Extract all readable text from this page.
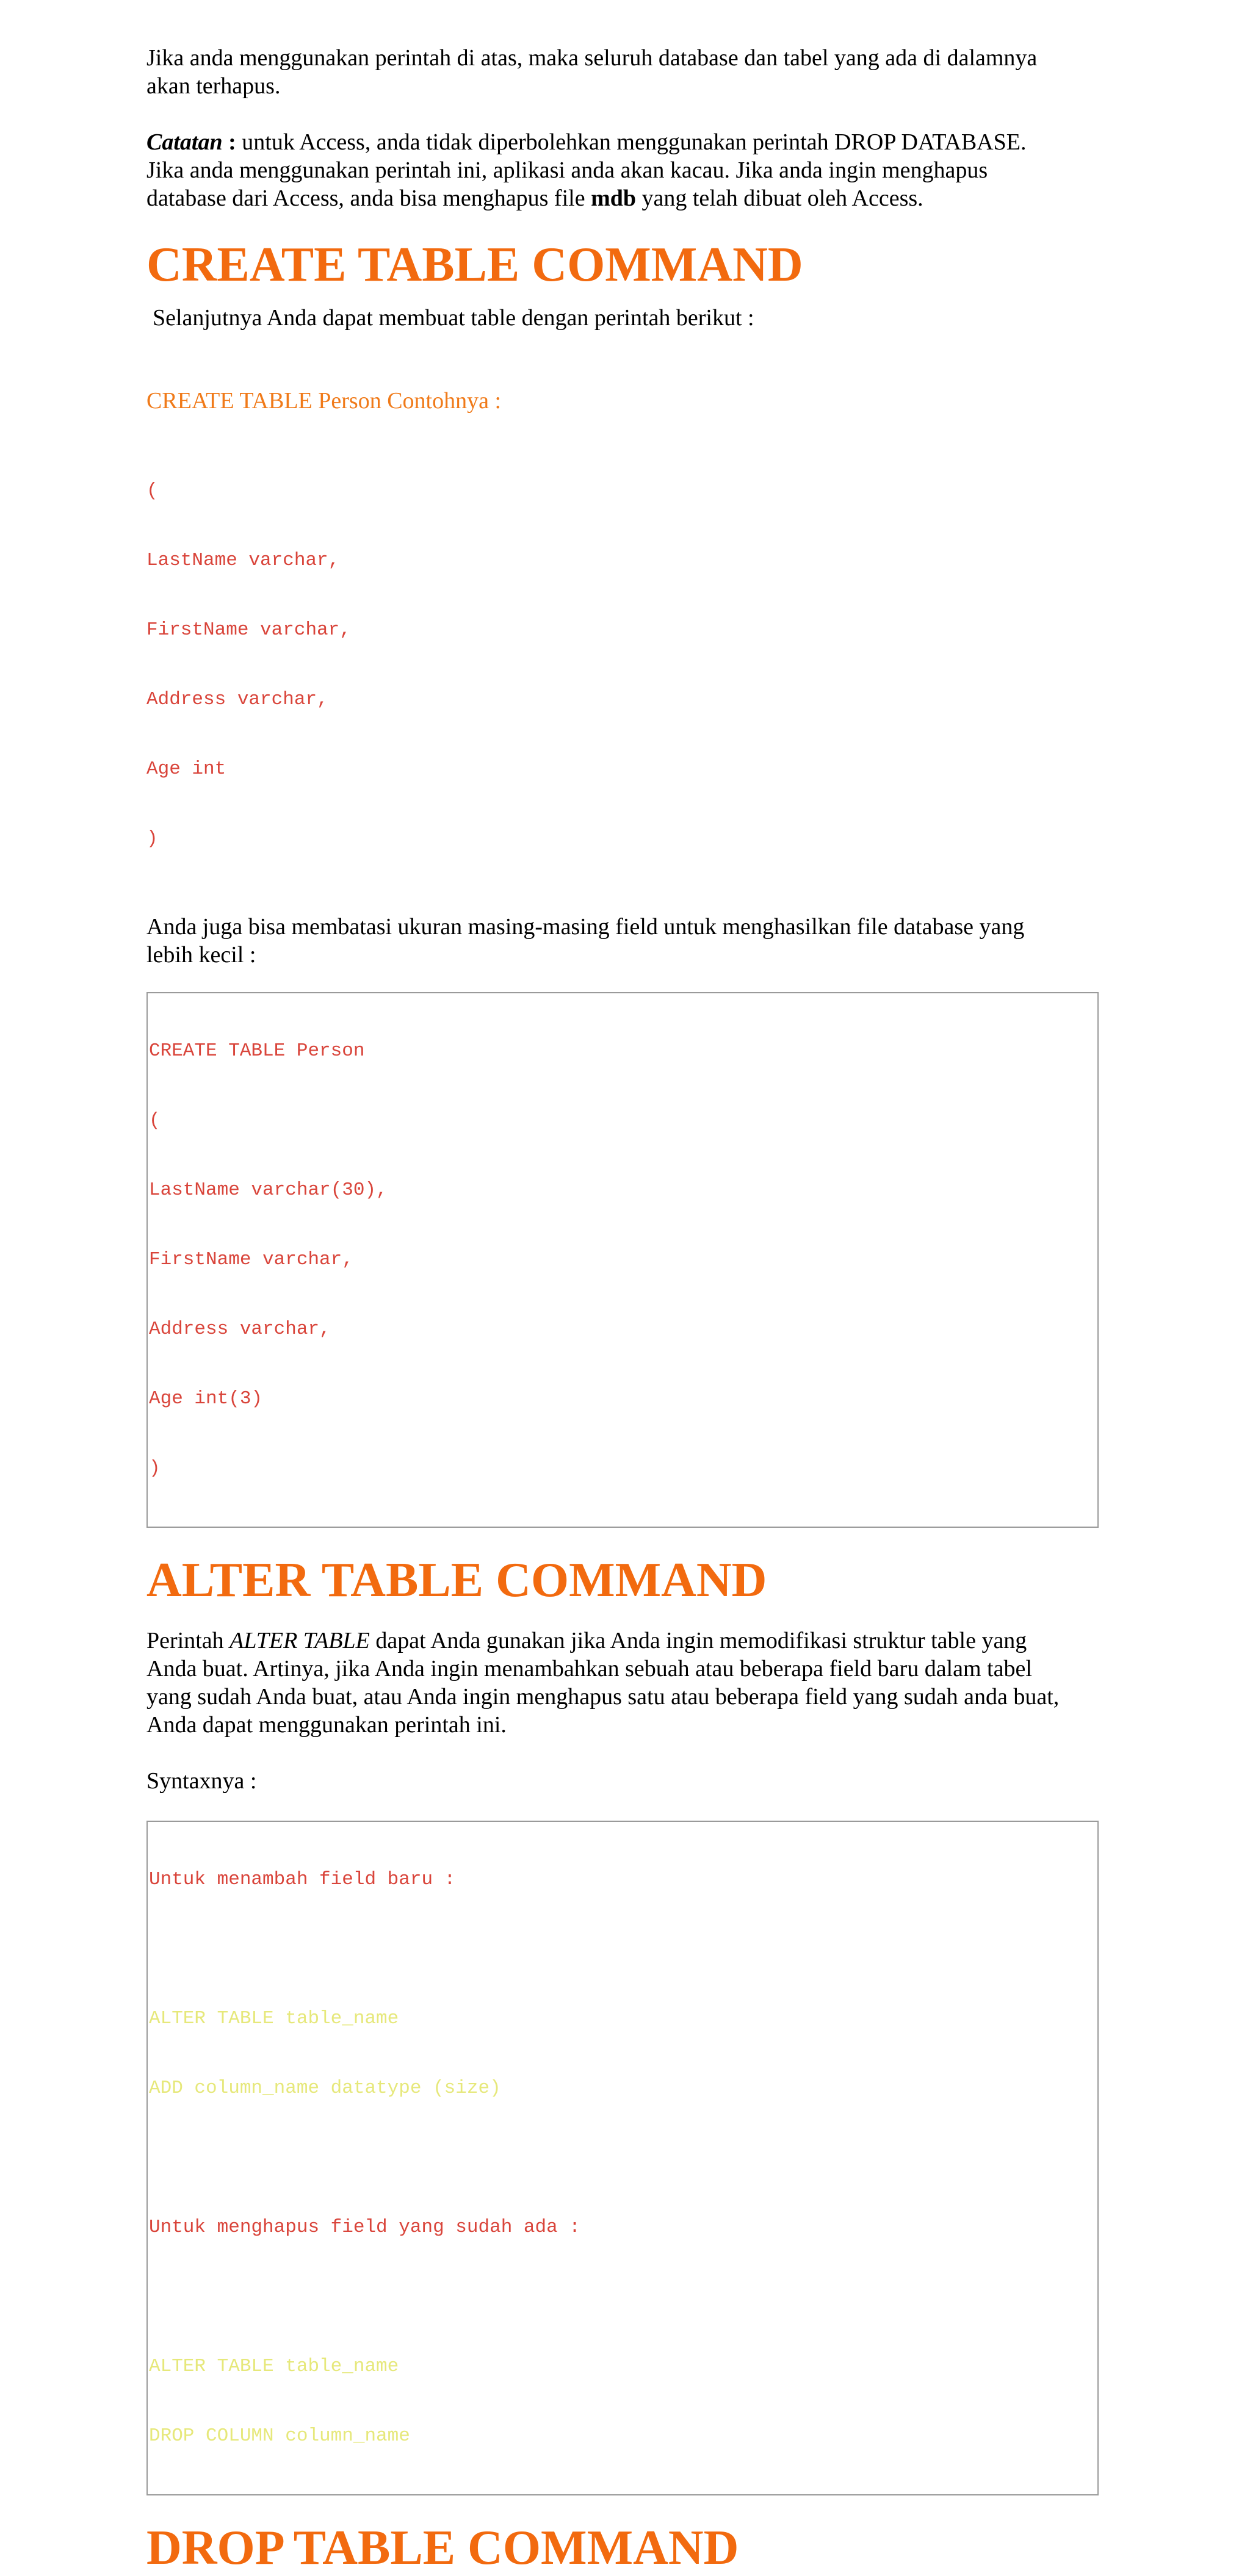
Jika anda menggunakan perintah di atas, maka seluruh database dan tabel yang ada di dalamnya
akan terhapus.

Catatan : untuk Access, anda tidak diperbolehkan menggunakan perintah DROP DATABASE.
Jika anda menggunakan perintah ini, aplikasi anda akan kacau. Jika anda ingin menghapus
database dari Access, anda bisa menghapus file mdb yang telah dibuat oleh Access.

CREATE TABLE COMMAND

Selanjutnya Anda dapat membuat table dengan perintah berikut :

CREATE TABLE Person Contohnya :

(

LastName varchar,

FirstName varchar,

Address varchar,

Age int

)

Anda juga bisa membatasi ukuran masing-masing field untuk menghasilkan file database yang
lebih kecil :

CREATE TABLE Person

(

LastName varchar(30),

FirstName varchar,

Address varchar,

Age int(3)

)

ALTER TABLE COMMAND

Perintah ALTER TABLE dapat Anda gunakan jika Anda ingin memodifikasi struktur table yang
Anda buat. Artinya, jika Anda ingin menambahkan sebuah atau beberapa field baru dalam tabel
yang sudah Anda buat, atau Anda ingin menghapus satu atau beberapa field yang sudah anda buat,
Anda dapat menggunakan perintah ini.

Syntaxnya :

Untuk menambah field baru :

ALTER TABLE table_name

ADD column_name datatype (size)

Untuk menghapus field yang sudah ada :

ALTER TABLE table_name

DROP COLUMN column_name

DROP TABLE COMMAND
